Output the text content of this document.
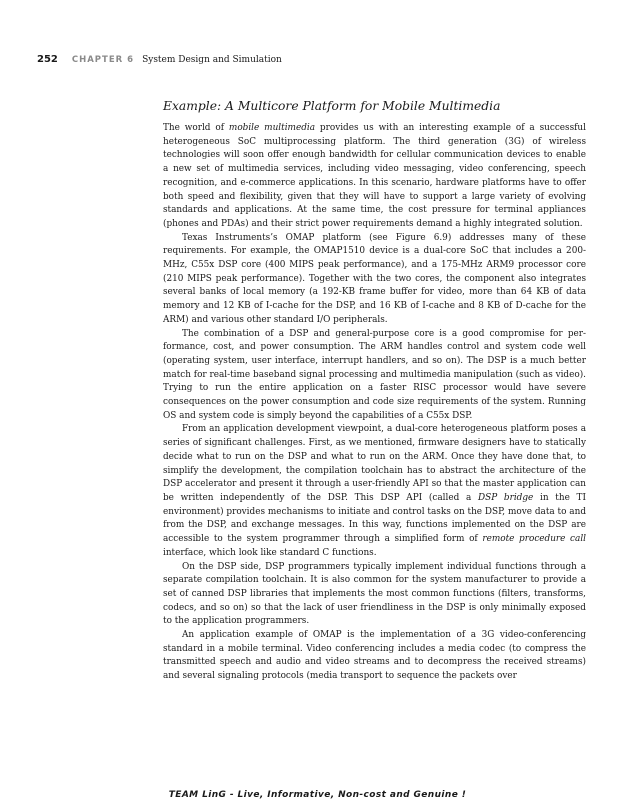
252 CHAPTER 6 System Design and Simulation
Example: A Multicore Platform for Mobile Multimedia

The world of mobile multimedia provides us with an interesting example of a successful heterogeneous SoC multiprocessing platform. The third generation (3G) of wireless technologies will soon offer enough bandwidth for cellular communication devices to enable a new set of multimedia services, including video messaging, video conferencing, speech recognition, and e-commerce applications. In this scenario, hardware platforms have to offer both speed and flexibility, given that they will have to support a large variety of evolving standards and applications. At the same time, the cost pressure for terminal appliances (phones and PDAs) and their strict power requirements demand a highly integrated solution.

Texas Instruments’s OMAP platform (see Figure 6.9) addresses many of these requirements. For example, the OMAP1510 device is a dual-core SoC that includes a 200-MHz, C55x DSP core (400 MIPS peak performance), and a 175-MHz ARM9 processor core (210 MIPS peak performance). Together with the two cores, the component also integrates several banks of local memory (a 192-KB frame buffer for video, more than 64 KB of data memory and 12 KB of I-cache for the DSP, and 16 KB of I-cache and 8 KB of D-cache for the ARM) and various other standard I/O peripherals.

The combination of a DSP and general-purpose core is a good compromise for performance, cost, and power consumption. The ARM handles control and system code well (operating system, user interface, interrupt handlers, and so on). The DSP is a much better match for real-time baseband signal processing and multimedia manipulation (such as video). Trying to run the entire application on a faster RISC processor would have severe consequences on the power consumption and code size requirements of the system. Running OS and system code is simply beyond the capabilities of a C55x DSP.

From an application development viewpoint, a dual-core heterogeneous platform poses a series of significant challenges. First, as we mentioned, firmware designers have to statically decide what to run on the DSP and what to run on the ARM. Once they have done that, to simplify the development, the compilation toolchain has to abstract the architecture of the DSP accelerator and present it through a user-friendly API so that the master application can be written independently of the DSP. This DSP API (called a DSP bridge in the TI environment) provides mechanisms to initiate and control tasks on the DSP, move data to and from the DSP, and exchange messages. In this way, functions implemented on the DSP are accessible to the system programmer through a simplified form of remote procedure call interface, which look like standard C functions.

On the DSP side, DSP programmers typically implement individual functions through a separate compilation toolchain. It is also common for the system manufacturer to provide a set of canned DSP libraries that implements the most common functions (filters, transforms, codecs, and so on) so that the lack of user friendliness in the DSP is only minimally exposed to the application programmers.

An application example of OMAP is the implementation of a 3G video-conferencing standard in a mobile terminal. Video conferencing includes a media codec (to compress the transmitted speech and audio and video streams and to decompress the received streams) and several signaling protocols (media transport to sequence the packets over

TEAM LinG - Live, Informative, Non-cost and Genuine !
